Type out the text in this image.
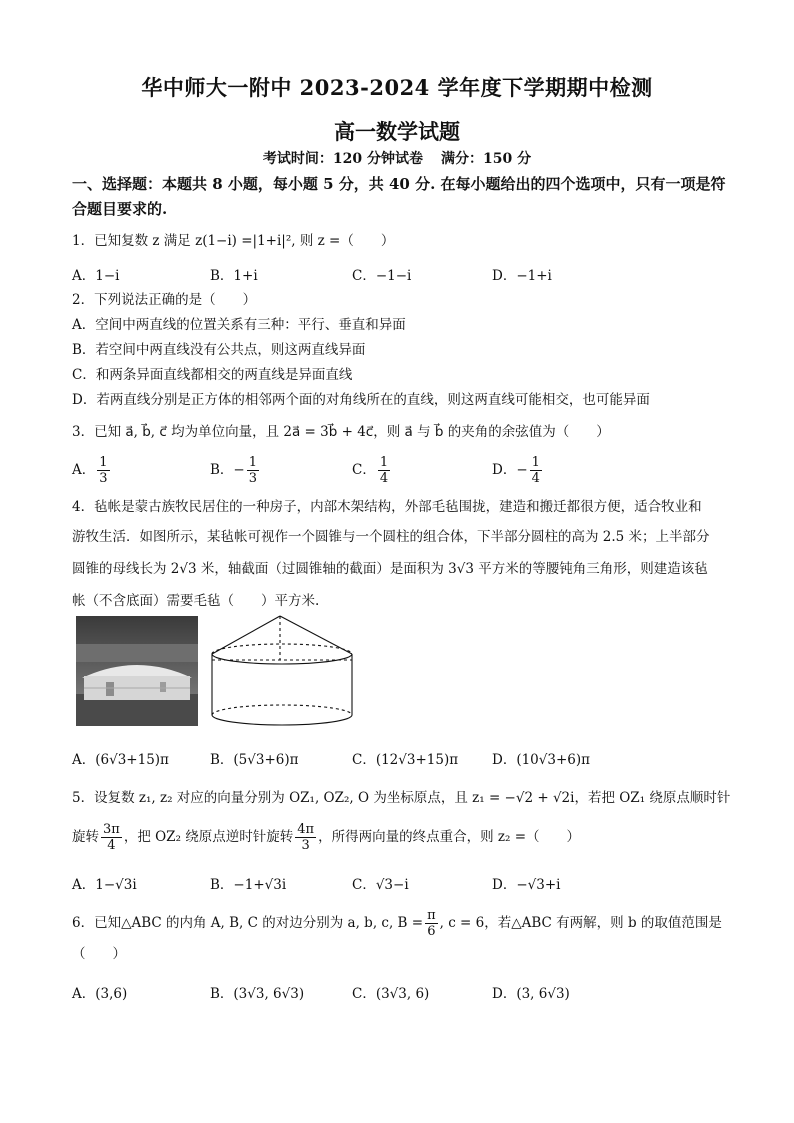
华中师大一附中 2023-2024 学年度下学期期中检测
高一数学试题
考试时间：120 分钟试卷 满分：150 分
一、选择题：本题共 8 小题，每小题 5 分，共 40 分. 在每小题给出的四个选项中，只有一项是符合题目要求的.
1．已知复数 z 满足 z(1−i) =|1+i|², 则 z =（　　）
A．1−i	B．1+i	C．−1−i	D．−1+i
2．下列说法正确的是（　　）
A．空间中两直线的位置关系有三种：平行、垂直和异面
B．若空间中两直线没有公共点，则这两直线异面
C．和两条异面直线都相交的两直线是异面直线
D．若两直线分别是正方体的相邻两个面的对角线所在的直线，则这两直线可能相交，也可能异面
3．已知 a⃗, b⃗, c⃗ 均为单位向量，且 2a⃗ = 3b⃗ + 4c⃗，则 a⃗ 与 b⃗ 的夹角的余弦值为（　　）
A． $\frac{1}{3}$	B．− $\frac{1}{3}$	C． $\frac{1}{4}$	D．− $\frac{1}{4}$
4．毡帐是蒙古族牧民居住的一种房子，内部木架结构，外部毛毡围拢，建造和搬迁都很方便，适合牧业和
游牧生活．如图所示，某毡帐可视作一个圆锥与一个圆柱的组合体，下半部分圆柱的高为 2.5 米；上半部分
圆锥的母线长为 2√3 米，轴截面（过圆锥轴的截面）是面积为 3√3 平方米的等腰钝角三角形，则建造该毡
帐（不含底面）需要毛毡（　　）平方米.
A．(6√3+15)π	B．(5√3+6)π	C．(12√3+15)π	D．(10√3+6)π
5．设复数 z₁, z₂ 对应的向量分别为 OZ₁, OZ₂, O 为坐标原点，且 z₁ = −√2 + √2i，若把 OZ₁ 绕原点顺时针
旋转 $\frac{3\pi}{4}$ ，把 OZ₂ 绕原点逆时针旋转 $\frac{4\pi}{3}$ ，所得两向量的终点重合，则 z₂ =（　　）
A．1−√3i	B．−1+√3i	C．√3−i	D．−√3+i
6．已知△ABC 的内角 A, B, C 的对边分别为 a, b, c, $B = \frac{\pi}{6}$ , c = 6，若△ABC 有两解，则 b 的取值范围是
（　　）
A．(3,6)	B．(3√3, 6√3)	C．(3√3, 6)	D．(3, 6√3)
